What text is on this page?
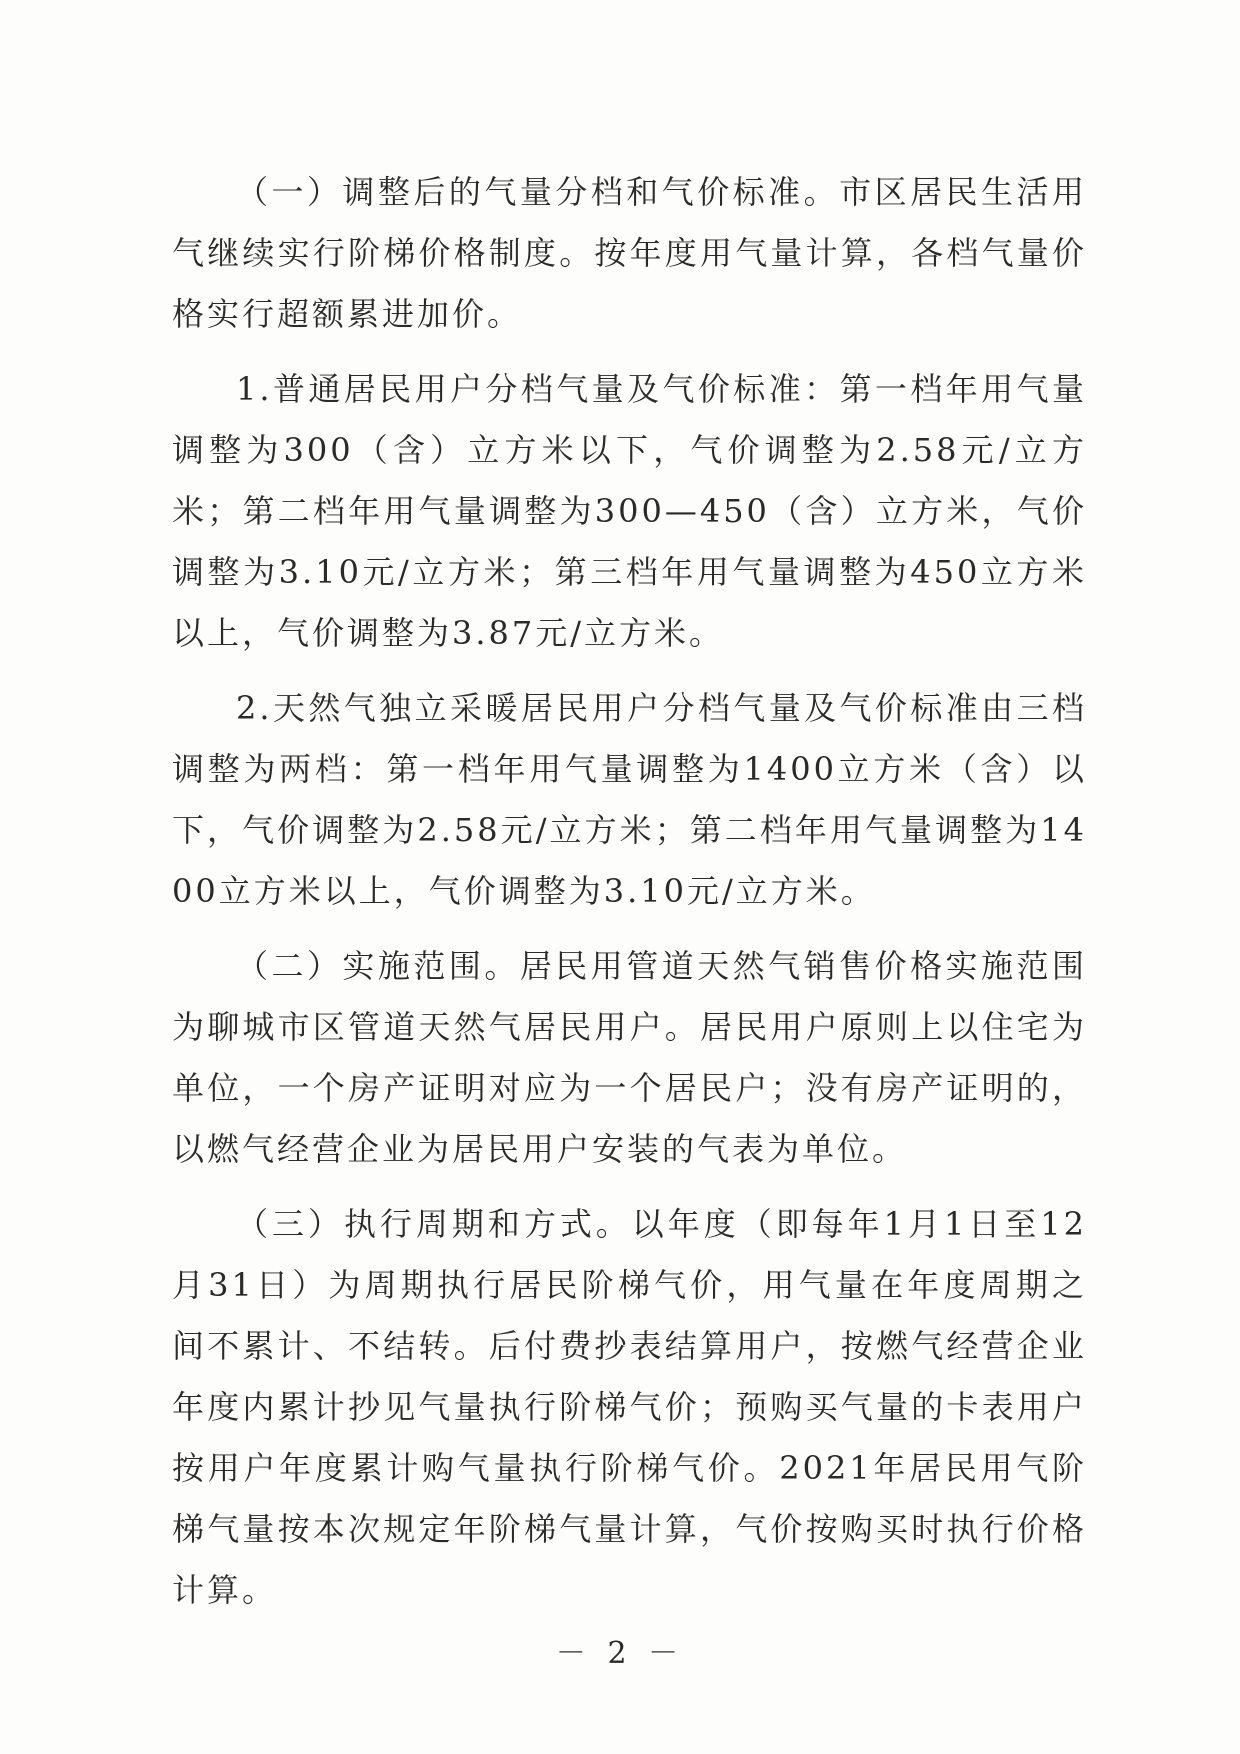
（一）调整后的气量分档和气价标准。市区居民生活用气继续实行阶梯价格制度。按年度用气量计算，各档气量价格实行超额累进加价。

1.普通居民用户分档气量及气价标准：第一档年用气量调整为300（含）立方米以下，气价调整为2.58元/立方米；第二档年用气量调整为300—450（含）立方米，气价调整为3.10元/立方米；第三档年用气量调整为450立方米以上，气价调整为3.87元/立方米。

2.天然气独立采暖居民用户分档气量及气价标准由三档调整为两档：第一档年用气量调整为1400立方米（含）以下，气价调整为2.58元/立方米；第二档年用气量调整为1400立方米以上，气价调整为3.10元/立方米。

（二）实施范围。居民用管道天然气销售价格实施范围为聊城市区管道天然气居民用户。居民用户原则上以住宅为单位，一个房产证明对应为一个居民户；没有房产证明的，以燃气经营企业为居民用户安装的气表为单位。

（三）执行周期和方式。以年度（即每年1月1日至12月31日）为周期执行居民阶梯气价，用气量在年度周期之间不累计、不结转。后付费抄表结算用户，按燃气经营企业年度内累计抄见气量执行阶梯气价；预购买气量的卡表用户按用户年度累计购气量执行阶梯气价。2021年居民用气阶梯气量按本次规定年阶梯气量计算，气价按购买时执行价格计算。

－ 2 －
